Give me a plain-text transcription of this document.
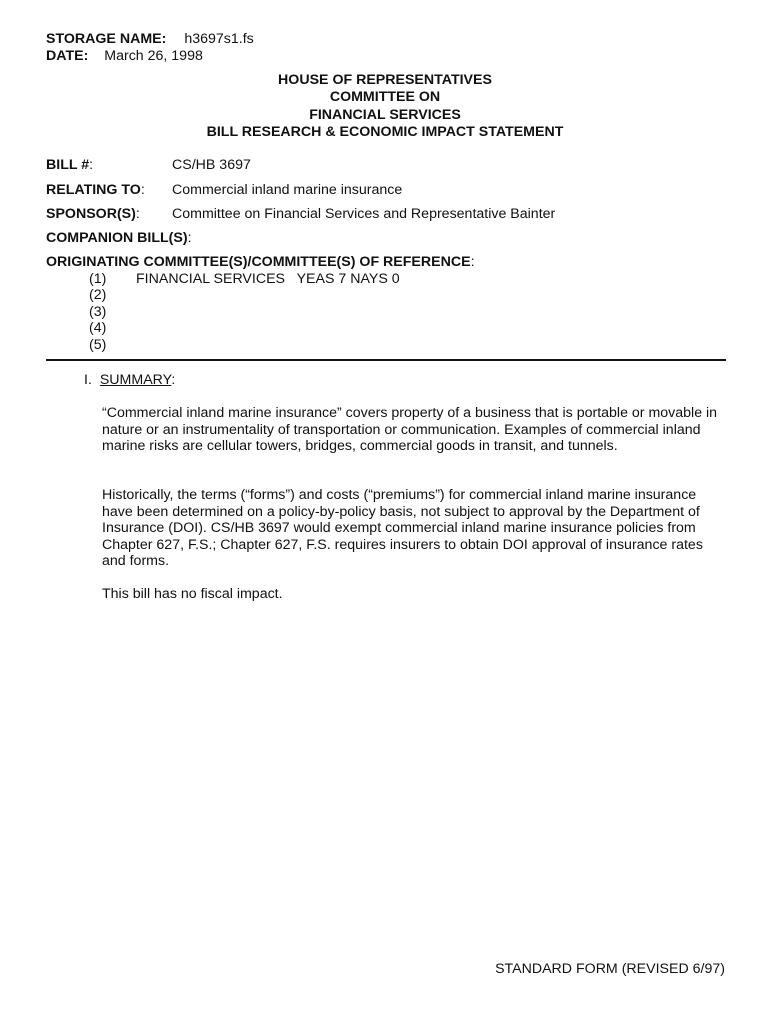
STORAGE NAME: h3697s1.fs
DATE: March 26, 1998
HOUSE OF REPRESENTATIVES
COMMITTEE ON
FINANCIAL SERVICES
BILL RESEARCH & ECONOMIC IMPACT STATEMENT
BILL #:	CS/HB 3697
RELATING TO: Commercial inland marine insurance
SPONSOR(S): Committee on Financial Services and Representative Bainter
COMPANION BILL(S):
ORIGINATING COMMITTEE(S)/COMMITTEE(S) OF REFERENCE:
(1) FINANCIAL SERVICES   YEAS 7 NAYS 0
(2)
(3)
(4)
(5)
I. SUMMARY:
“Commercial inland marine insurance” covers property of a business that is portable or movable in nature or an instrumentality of transportation or communication. Examples of commercial inland marine risks are cellular towers, bridges, commercial goods in transit, and tunnels.
Historically, the terms (“forms”) and costs (“premiums”) for commercial inland marine insurance have been determined on a policy-by-policy basis, not subject to approval by the Department of Insurance (DOI). CS/HB 3697 would exempt commercial inland marine insurance policies from Chapter 627, F.S.; Chapter 627, F.S. requires insurers to obtain DOI approval of insurance rates and forms.
This bill has no fiscal impact.
STANDARD FORM (REVISED 6/97)
